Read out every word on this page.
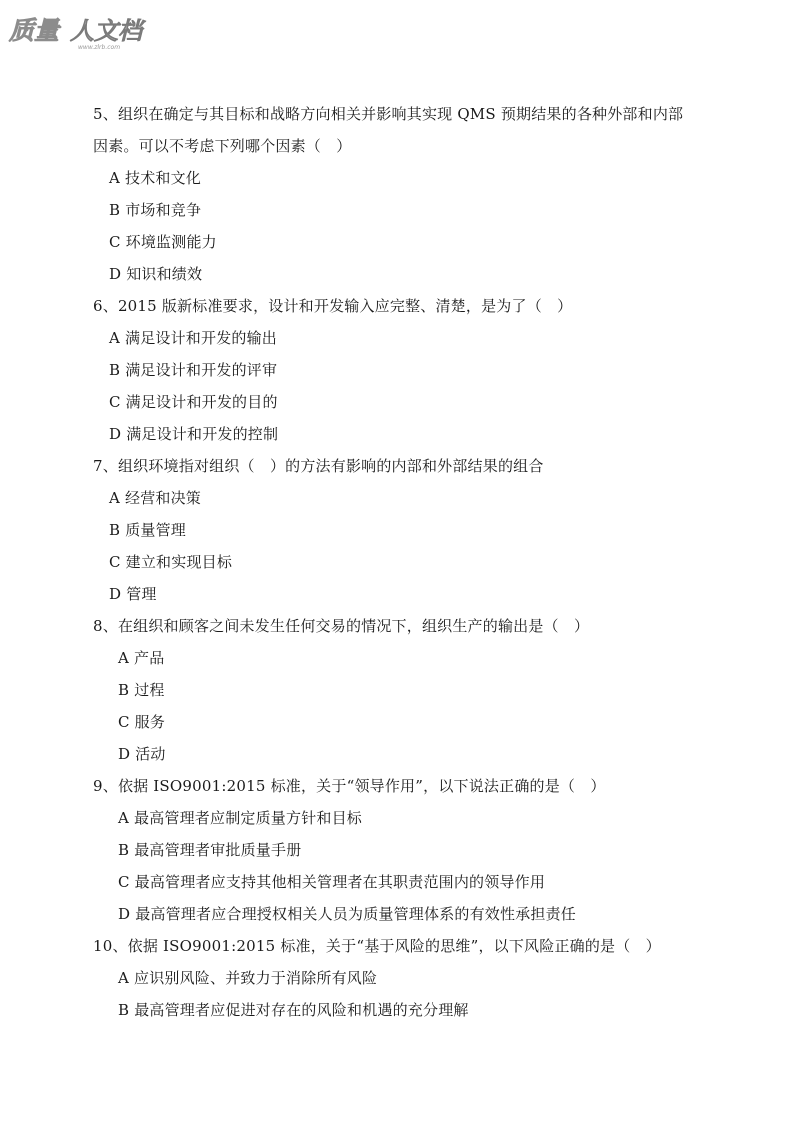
质量 人文档
www.zlrb.com
5、组织在确定与其目标和战略方向相关并影响其实现 QMS 预期结果的各种外部和内部
因素。可以不考虑下列哪个因素（　）
A 技术和文化
B 市场和竞争
C 环境监测能力
D 知识和绩效
6、2015 版新标准要求，设计和开发输入应完整、清楚，是为了（　）
A 满足设计和开发的输出
B 满足设计和开发的评审
C 满足设计和开发的目的
D 满足设计和开发的控制
7、组织环境指对组织（　）的方法有影响的内部和外部结果的组合
A 经营和决策
B 质量管理
C 建立和实现目标
D 管理
8、在组织和顾客之间未发生任何交易的情况下，组织生产的输出是（　）
A 产品
B 过程
C 服务
D 活动
9、依据 ISO9001:2015 标准，关于“领导作用”，以下说法正确的是（　）
A 最高管理者应制定质量方针和目标
B 最高管理者审批质量手册
C 最高管理者应支持其他相关管理者在其职责范围内的领导作用
D 最高管理者应合理授权相关人员为质量管理体系的有效性承担责任
10、依据 ISO9001:2015 标准，关于“基于风险的思维”，以下风险正确的是（　）
A 应识别风险、并致力于消除所有风险
B 最高管理者应促进对存在的风险和机遇的充分理解
